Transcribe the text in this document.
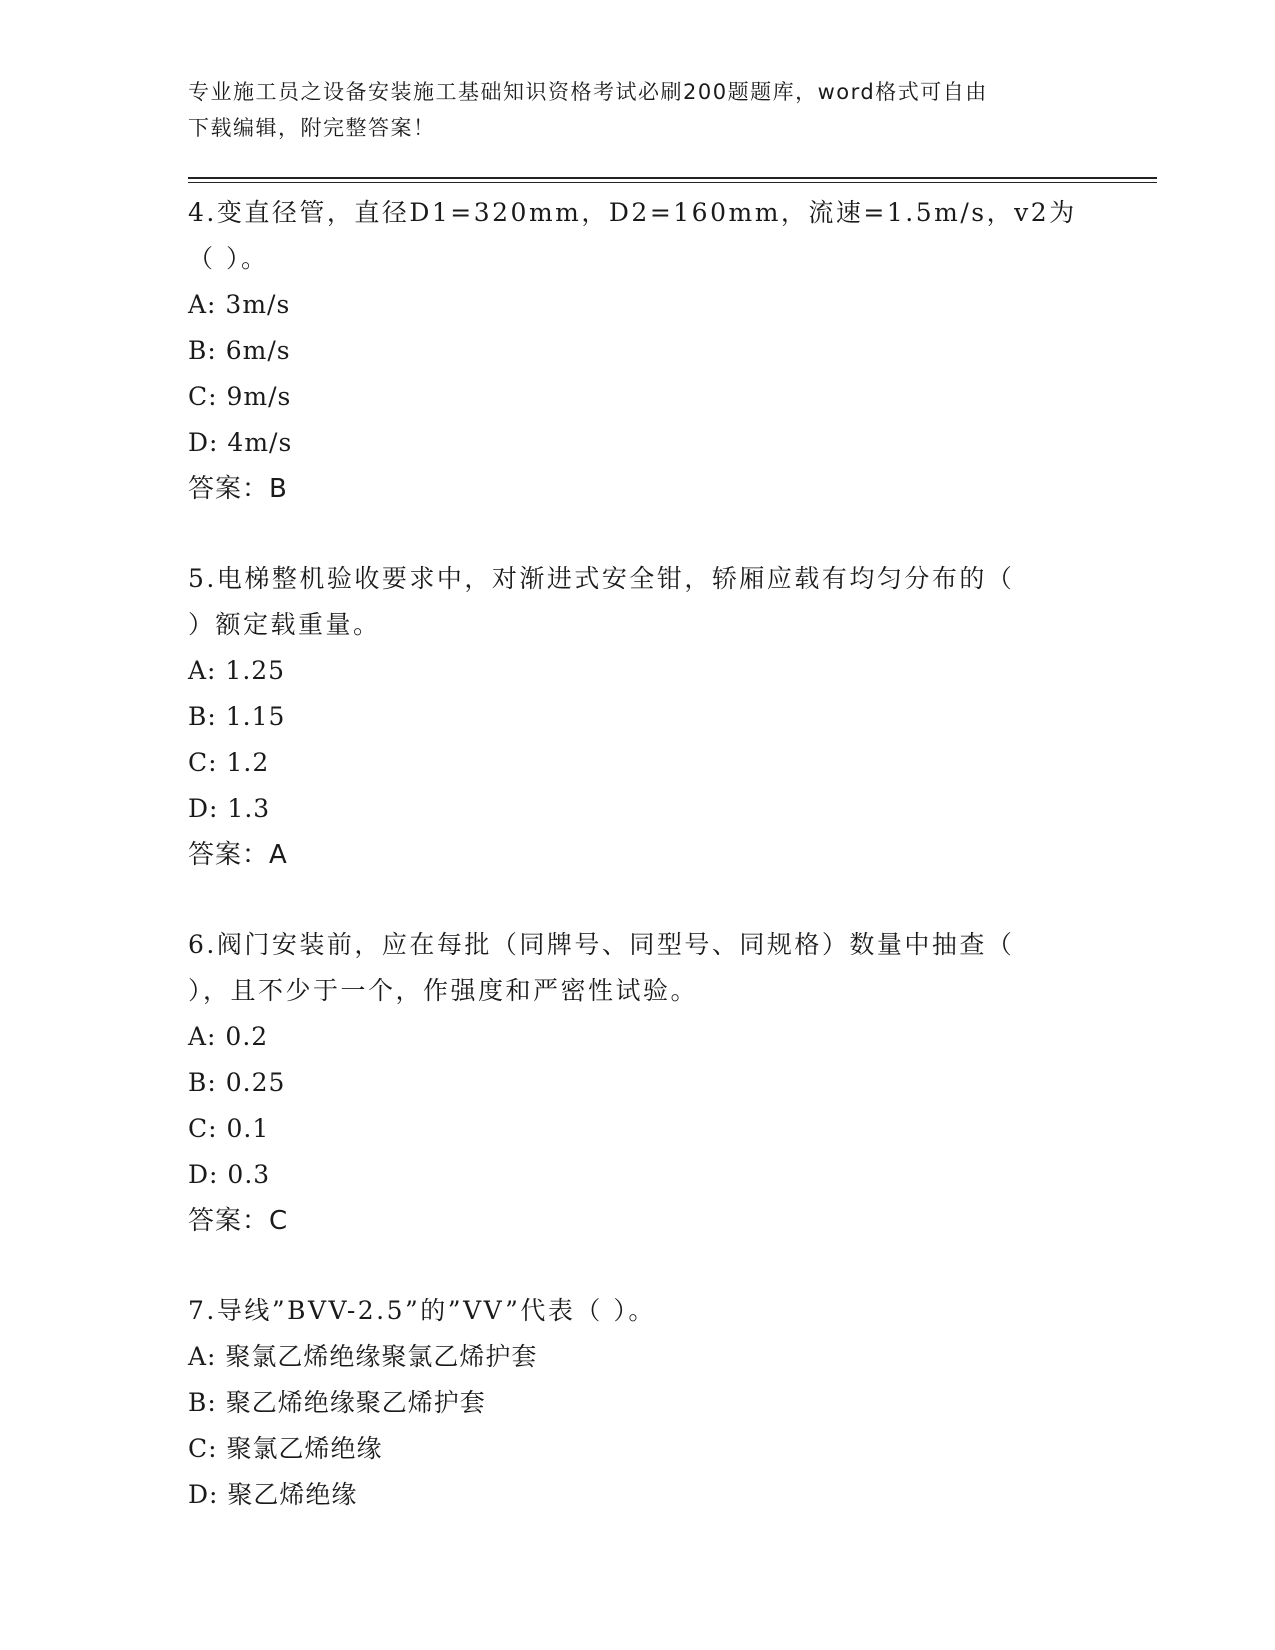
专业施工员之设备安装施工基础知识资格考试必刷200题题库，word格式可自由
下载编辑，附完整答案！
4.变直径管，直径D1=320mm，D2=160mm，流速=1.5m/s，v2为（ ）。
A: 3m/s
B: 6m/s
C: 9m/s
D: 4m/s
答案：B
5.电梯整机验收要求中，对渐进式安全钳，轿厢应载有均匀分布的（
）额定载重量。
A: 1.25
B: 1.15
C: 1.2
D: 1.3
答案：A
6.阀门安装前，应在每批（同牌号、同型号、同规格）数量中抽查（
），且不少于一个，作强度和严密性试验。
A: 0.2
B: 0.25
C: 0.1
D: 0.3
答案：C
7.导线”BVV-2.5”的”VV”代表（ ）。
A: 聚氯乙烯绝缘聚氯乙烯护套
B: 聚乙烯绝缘聚乙烯护套
C: 聚氯乙烯绝缘
D: 聚乙烯绝缘
